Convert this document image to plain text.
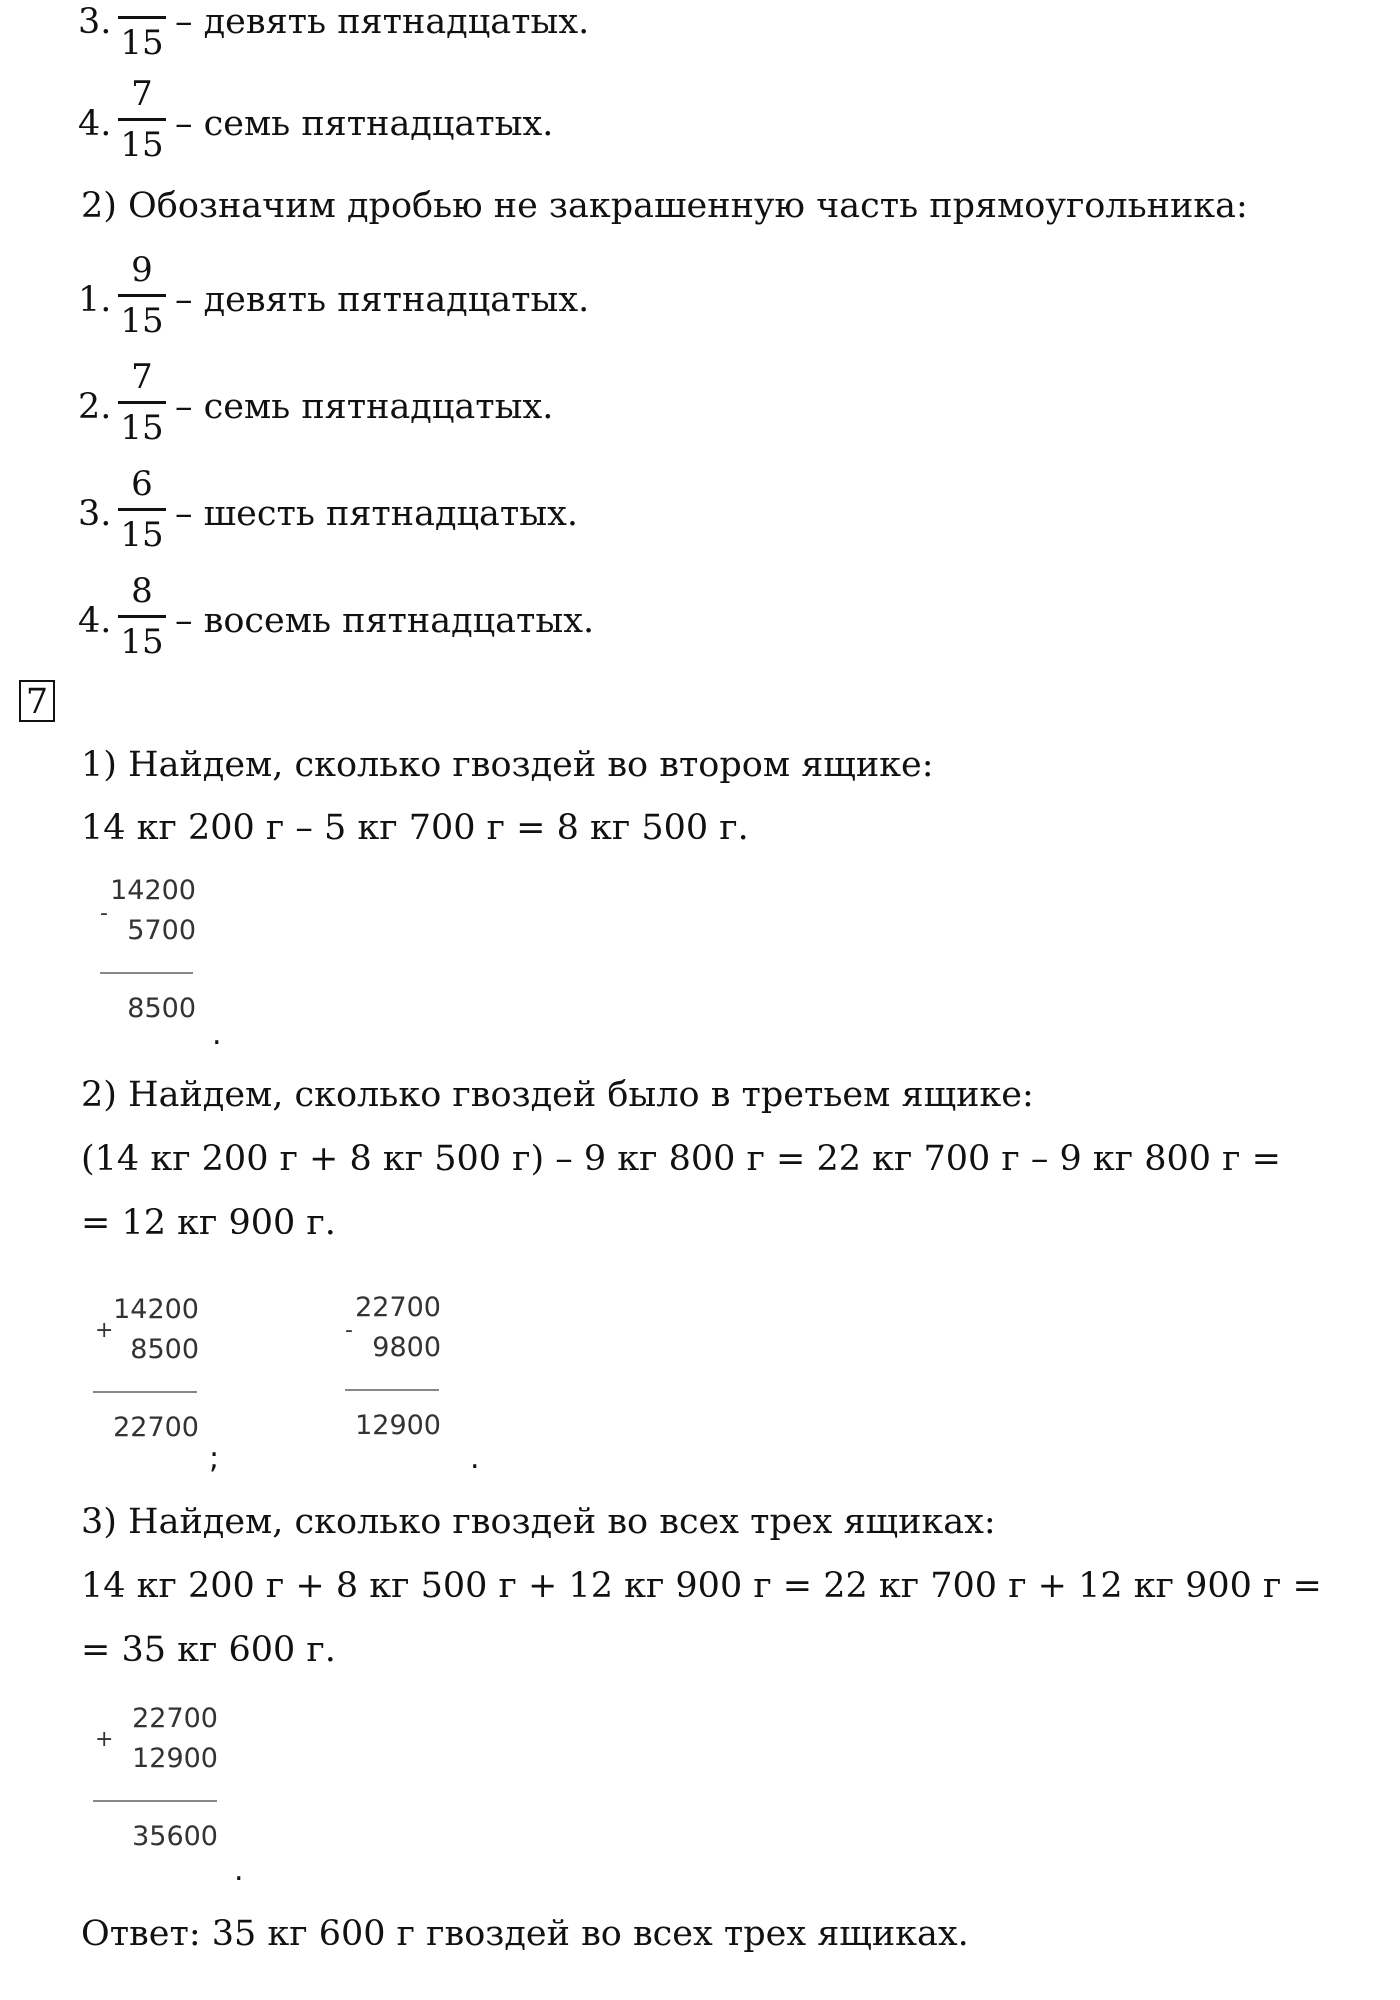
3.
15
– девять пятнадцатых.
4.
7
15
– семь пятнадцатых.
2) Обозначим дробью не закрашенную часть прямоугольника:
1.
9
15
– девять пятнадцатых.
2.
7
15
– семь пятнадцатых.
3.
6
15
– шесть пятнадцатых.
4.
8
15
– восемь пятнадцатых.
7
1) Найдем, сколько гвоздей во втором ящике:
14 кг 200 г – 5 кг 700 г = 8 кг 500 г.
14200
-
5700
8500
.
2) Найдем, сколько гвоздей было в третьем ящике:
(14 кг 200 г + 8 кг 500 г) – 9 кг 800 г = 22 кг 700 г – 9 кг 800 г =
= 12 кг 900 г.
14200
+
8500
22700
;
22700
-
9800
12900
.
3) Найдем, сколько гвоздей во всех трех ящиках:
14 кг 200 г + 8 кг 500 г + 12 кг 900 г = 22 кг 700 г + 12 кг 900 г =
= 35 кг 600 г.
22700
+
12900
35600
.
Ответ: 35 кг 600 г гвоздей во всех трех ящиках.
